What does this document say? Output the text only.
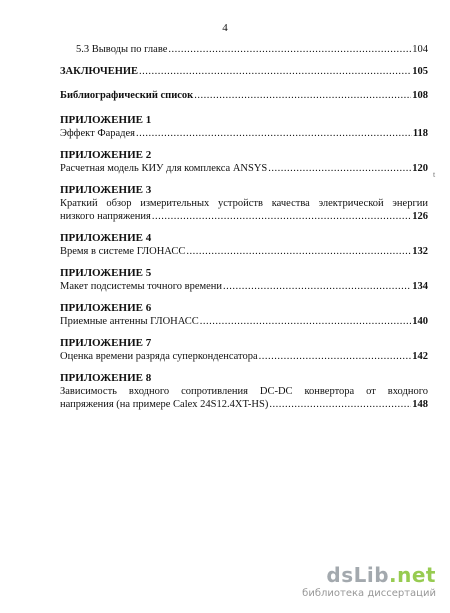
4
5.3 Выводы по главе .....	104
ЗАКЛЮЧЕНИЕ .....	105
Библиографический список .....	108
ПРИЛОЖЕНИЕ 1
Эффект Фарадея .....	118
ПРИЛОЖЕНИЕ 2
Расчетная модель КИУ для комплекса ANSYS .....	120
ПРИЛОЖЕНИЕ 3
Краткий обзор измерительных устройств качества электрической энергии
низкого напряжения .....	126
ПРИЛОЖЕНИЕ 4
Время в системе ГЛОНАСС .....	132
ПРИЛОЖЕНИЕ 5
Макет подсистемы точного времени .....	134
ПРИЛОЖЕНИЕ 6
Приемные антенны ГЛОНАСС .....	140
ПРИЛОЖЕНИЕ 7
Оценка времени разряда суперконденсатора .....	142
ПРИЛОЖЕНИЕ 8
Зависимость входного сопротивления DC-DC конвертора от входного
напряжения (на примере Calex 24S12.4XT-HS) .....	148
t
dsLib.net
библиотека диссертаций
